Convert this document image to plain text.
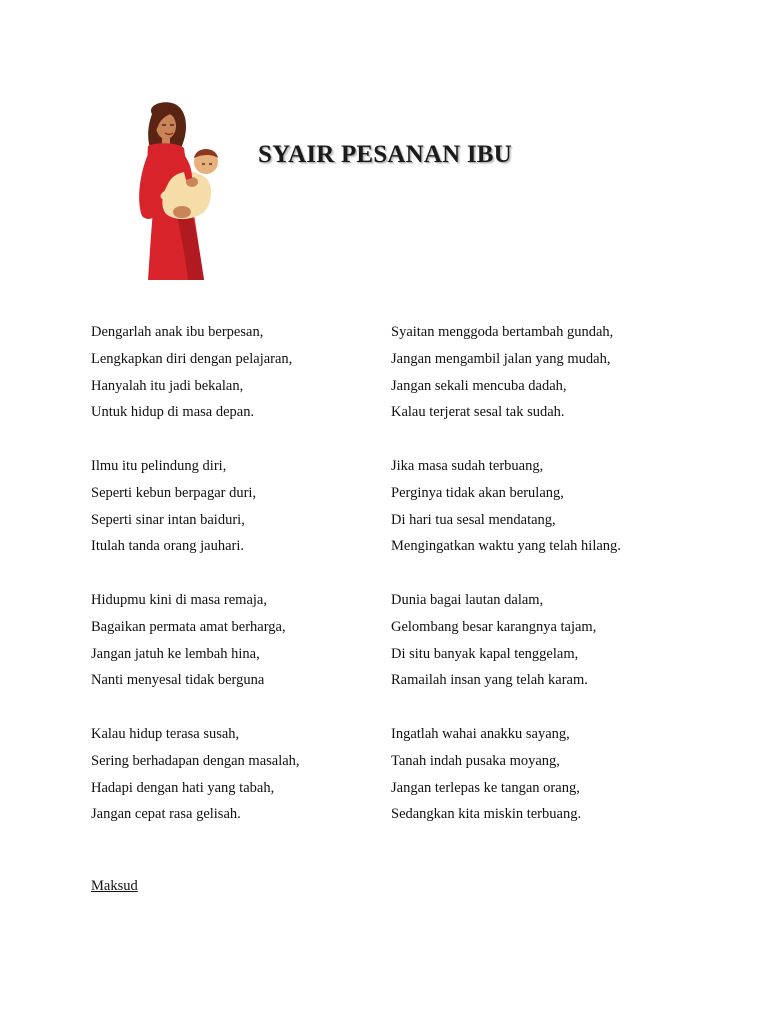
SYAIR PESANAN IBU
Dengarlah anak ibu berpesan,
Lengkapkan diri dengan pelajaran,
Hanyalah itu jadi bekalan,
Untuk hidup di masa depan.
Ilmu itu pelindung diri,
Seperti kebun berpagar duri,
Seperti sinar intan baiduri,
Itulah tanda orang jauhari.
Hidupmu kini di masa remaja,
Bagaikan permata amat berharga,
Jangan jatuh ke lembah hina,
Nanti menyesal tidak berguna
Kalau hidup terasa susah,
Sering berhadapan dengan masalah,
Hadapi dengan hati yang tabah,
Jangan cepat rasa gelisah.
Syaitan menggoda bertambah gundah,
Jangan mengambil jalan yang mudah,
Jangan sekali mencuba dadah,
Kalau terjerat sesal tak sudah.
Jika masa sudah terbuang,
Perginya tidak akan berulang,
Di hari tua sesal mendatang,
Mengingatkan waktu yang telah hilang.
Dunia bagai lautan dalam,
Gelombang besar karangnya tajam,
Di situ banyak kapal tenggelam,
Ramailah insan yang telah karam.
Ingatlah wahai anakku sayang,
Tanah indah pusaka moyang,
Jangan terlepas ke tangan orang,
Sedangkan kita miskin terbuang.
Maksud
